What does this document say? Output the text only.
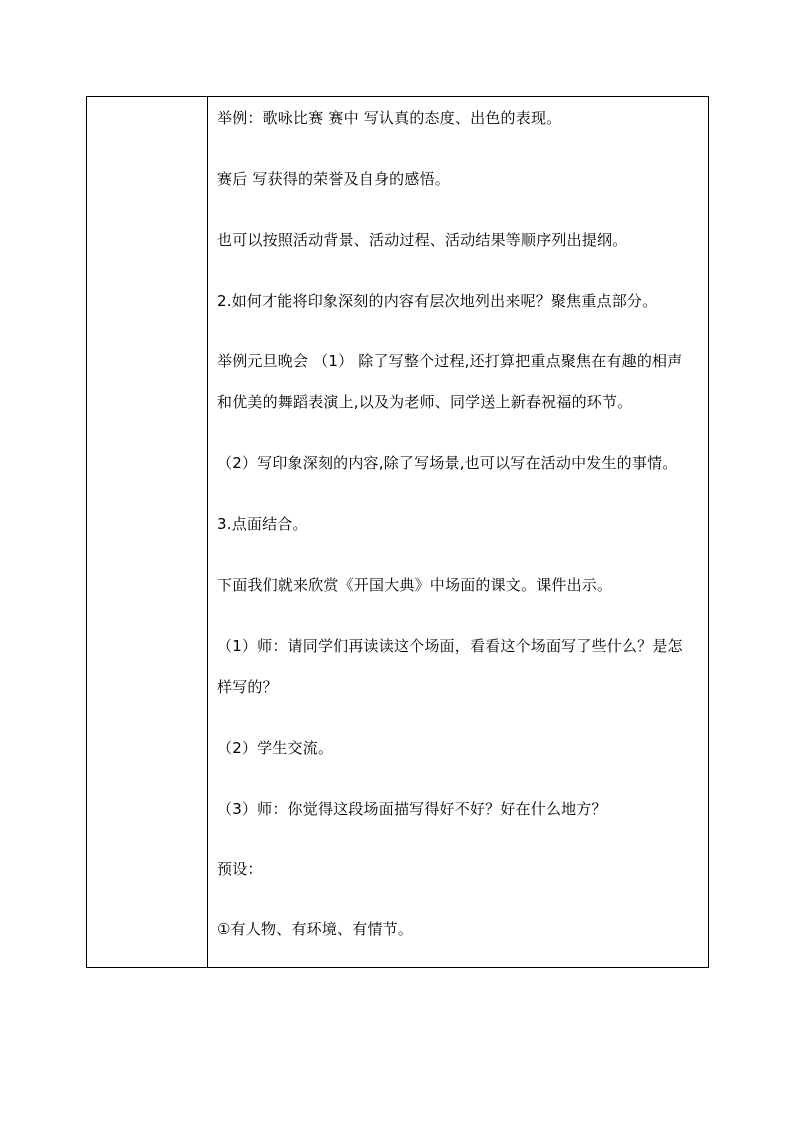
举例：歌咏比赛 赛中 写认真的态度、出色的表现。
赛后 写获得的荣誉及自身的感悟。
也可以按照活动背景、活动过程、活动结果等顺序列出提纲。
2.如何才能将印象深刻的内容有层次地列出来呢？聚焦重点部分。
举例元旦晚会 （1） 除了写整个过程,还打算把重点聚焦在有趣的相声
和优美的舞蹈表演上,以及为老师、同学送上新春祝福的环节。
（2）写印象深刻的内容,除了写场景,也可以写在活动中发生的事情。
3.点面结合。
下面我们就来欣赏《开国大典》中场面的课文。课件出示。
（1）师：请同学们再读读这个场面，看看这个场面写了些什么？是怎
样写的？
（2）学生交流。
（3）师：你觉得这段场面描写得好不好？好在什么地方？
预设：
①有人物、有环境、有情节。
